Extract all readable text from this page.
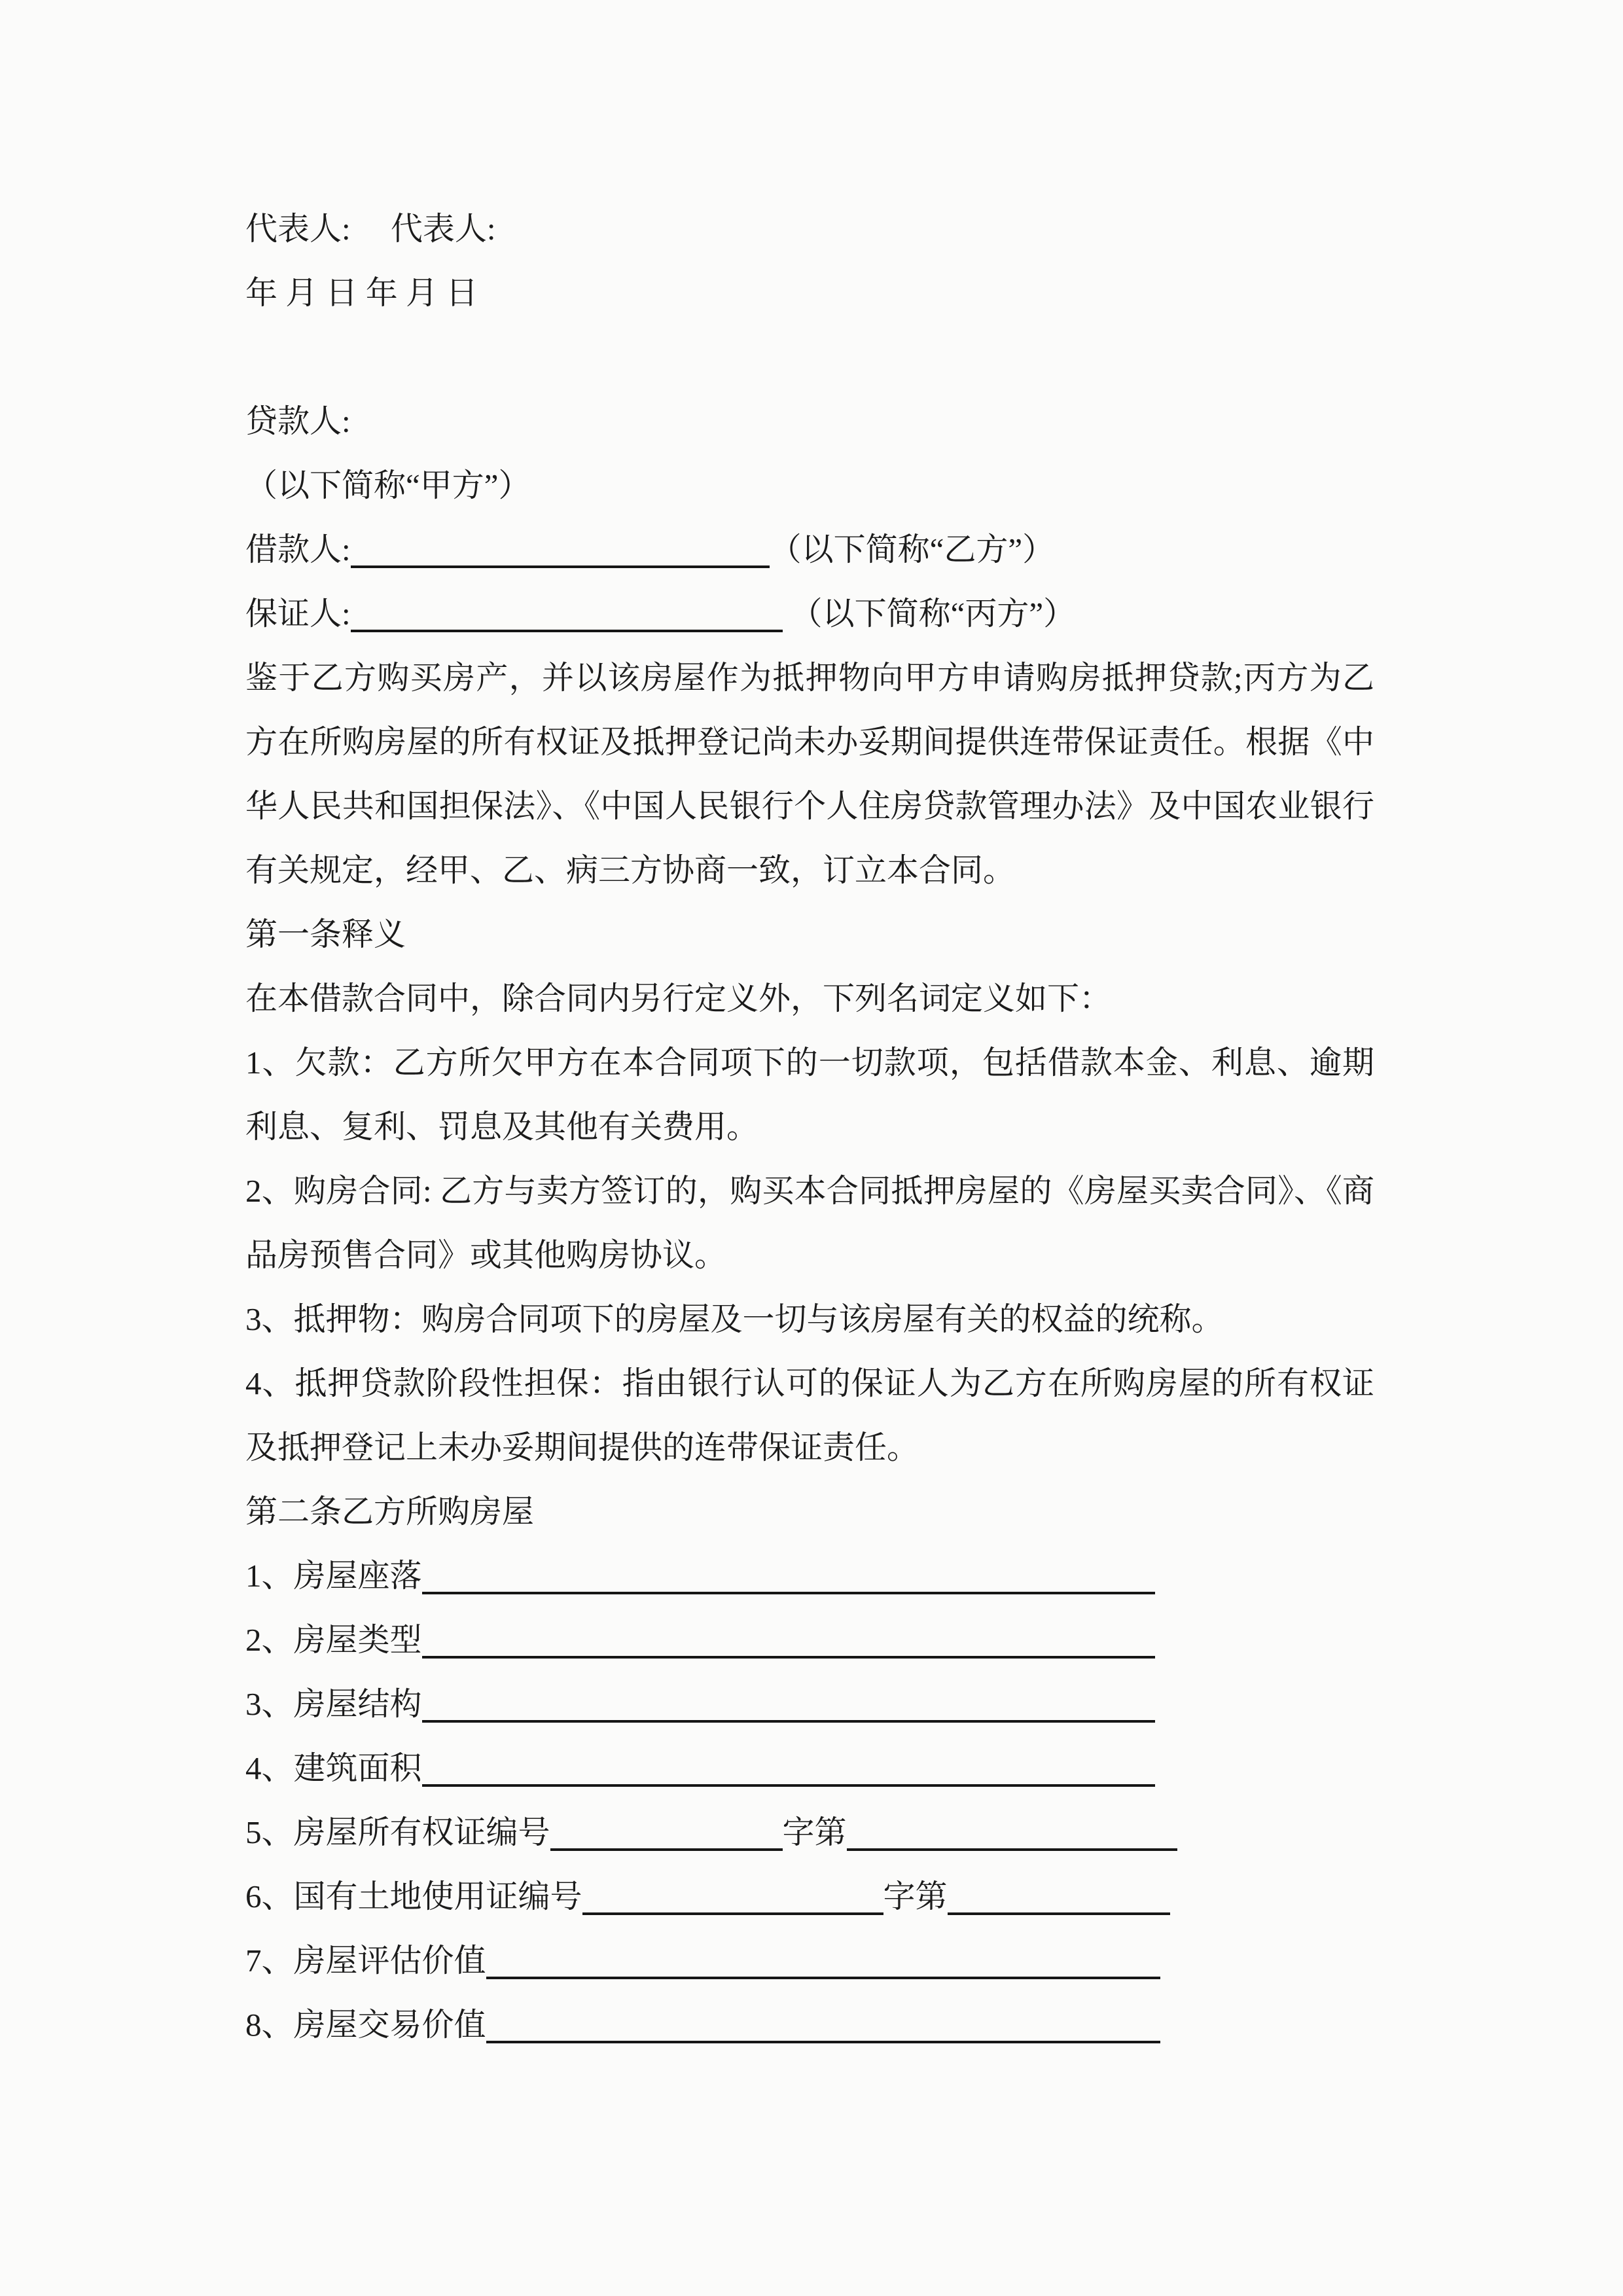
代表人:　 代表人:
年 月 日 年 月 日
贷款人:
（以下简称“甲方”）
借款人:	（以下简称“乙方”）
保证人:	（以下简称“丙方”）
鉴于乙方购买房产，并以该房屋作为抵押物向甲方申请购房抵押贷款;丙方为乙
方在所购房屋的所有权证及抵押登记尚未办妥期间提供连带保证责任。根据《中
华人民共和国担保法》、《中国人民银行个人住房贷款管理办法》及中国农业银行
有关规定，经甲、乙、病三方协商一致，订立本合同。
第一条释义
在本借款合同中，除合同内另行定义外，下列名词定义如下：
1、欠款：乙方所欠甲方在本合同项下的一切款项，包括借款本金、利息、逾期
利息、复利、罚息及其他有关费用。
2、购房合同: 乙方与卖方签订的，购买本合同抵押房屋的《房屋买卖合同》、《商
品房预售合同》或其他购房协议。
3、抵押物：购房合同项下的房屋及一切与该房屋有关的权益的统称。
4、抵押贷款阶段性担保：指由银行认可的保证人为乙方在所购房屋的所有权证
及抵押登记上未办妥期间提供的连带保证责任。
第二条乙方所购房屋
1、房屋座落
2、房屋类型
3、房屋结构
4、建筑面积
5、房屋所有权证编号	字第
6、国有土地使用证编号	字第
7、房屋评估价值
8、房屋交易价值
